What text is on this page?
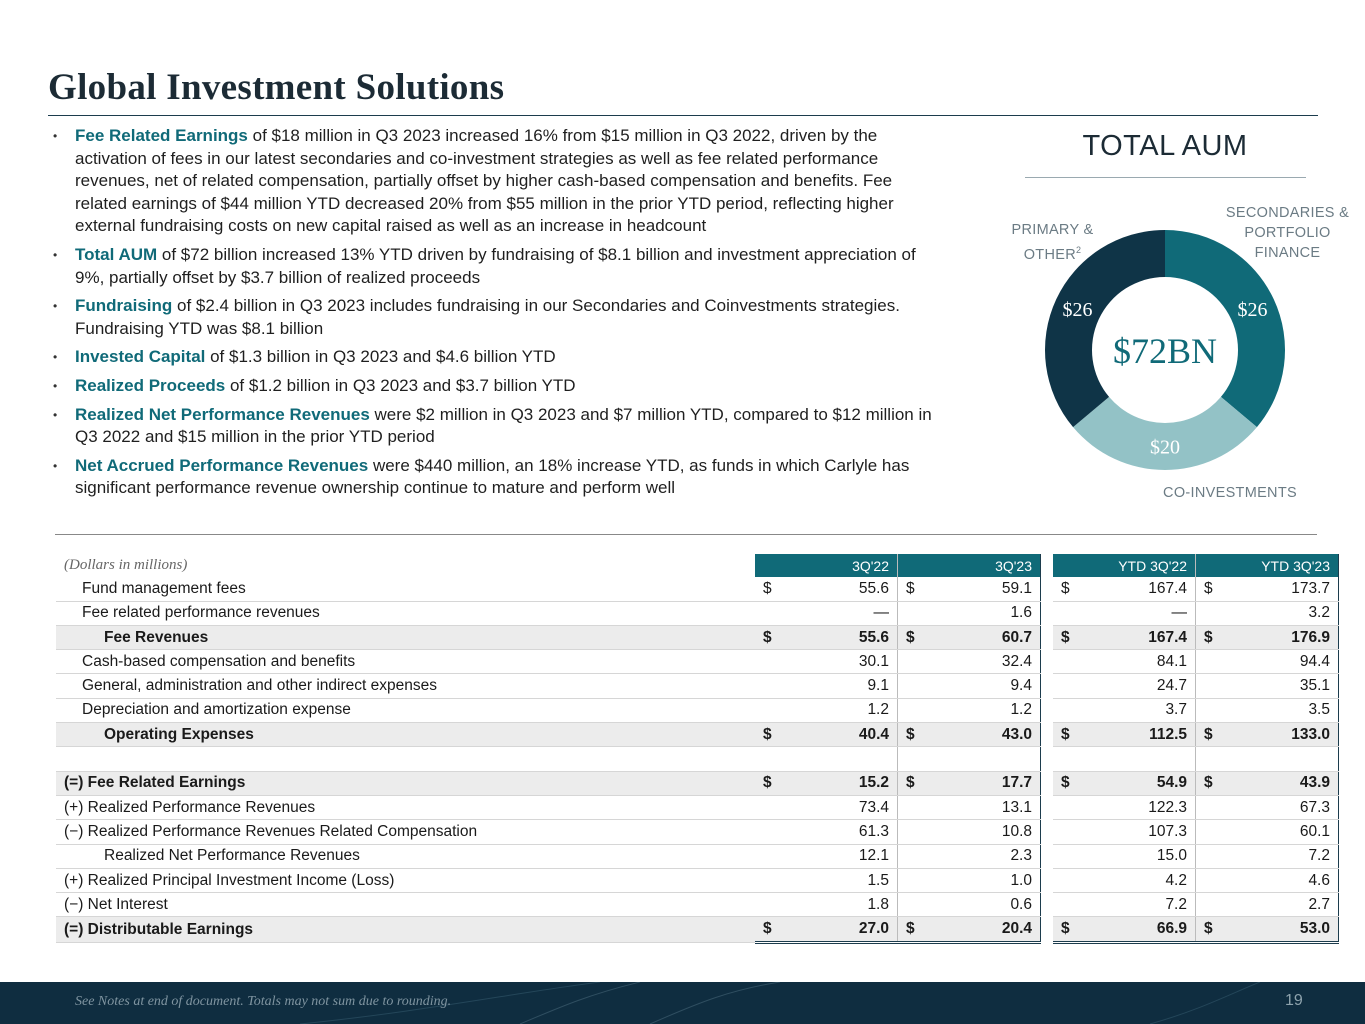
Global Investment Solutions
• Fee Related Earnings of $18 million in Q3 2023 increased 16% from $15 million in Q3 2022, driven by the activation of fees in our latest secondaries and co-investment strategies as well as fee related performance revenues, net of related compensation, partially offset by higher cash-based compensation and benefits. Fee related earnings of $44 million YTD decreased 20% from $55 million in the prior YTD period, reflecting higher external fundraising costs on new capital raised as well as an increase in headcount
• Total AUM of $72 billion increased 13% YTD driven by fundraising of $8.1 billion and investment appreciation of 9%, partially offset by $3.7 billion of realized proceeds
• Fundraising of $2.4 billion in Q3 2023 includes fundraising in our Secondaries and Coinvestments strategies. Fundraising YTD was $8.1 billion
• Invested Capital of $1.3 billion in Q3 2023 and $4.6 billion YTD
• Realized Proceeds of $1.2 billion in Q3 2023 and $3.7 billion YTD
• Realized Net Performance Revenues were $2 million in Q3 2023 and $7 million YTD, compared to $12 million in Q3 2022 and $15 million in the prior YTD period
• Net Accrued Performance Revenues were $440 million, an 18% increase YTD, as funds in which Carlyle has significant performance revenue ownership continue to mature and perform well
TOTAL AUM
$26
$20
$26
$72BN
SECONDARIES &
PORTFOLIO
FINANCE
PRIMARY &
OTHER$^2$
CO-INVESTMENTS
(Dollars in millions)	3Q'22	3Q'23		YTD 3Q'22	YTD 3Q'23
Fund management fees	$ 55.6	$ 59.1		$ 167.4	$ 173.7
Fee related performance revenues	—	1.6		—	3.2
Fee Revenues	$ 55.6	$ 60.7		$ 167.4	$ 176.9
Cash-based compensation and benefits	30.1	32.4		84.1	94.4
General, administration and other indirect expenses	9.1	9.4		24.7	35.1
Depreciation and amortization expense	1.2	1.2		3.7	3.5
Operating Expenses	$ 40.4	$ 43.0		$ 112.5	$ 133.0

(=) Fee Related Earnings	$ 15.2	$ 17.7		$ 54.9	$ 43.9
(+) Realized Performance Revenues	73.4	13.1		122.3	67.3
(−) Realized Performance Revenues Related Compensation	61.3	10.8		107.3	60.1
Realized Net Performance Revenues	12.1	2.3		15.0	7.2
(+) Realized Principal Investment Income (Loss)	1.5	1.0		4.2	4.6
(−) Net Interest	1.8	0.6		7.2	2.7
(=) Distributable Earnings	$ 27.0	$ 20.4		$ 66.9	$ 53.0
See Notes at end of document. Totals may not sum due to rounding.	19
